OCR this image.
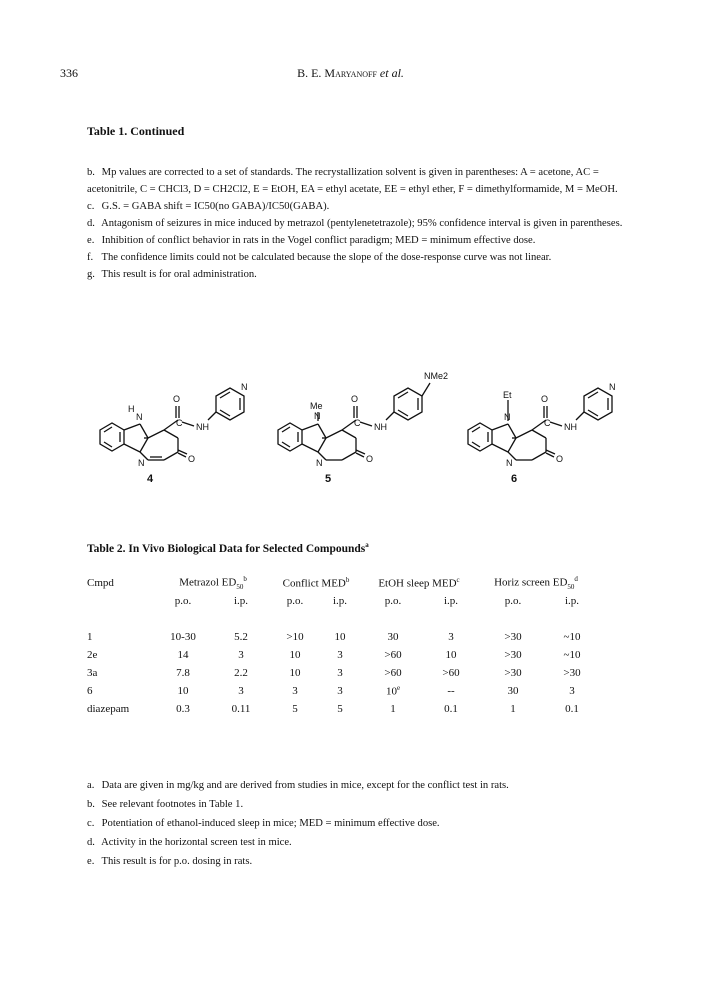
336	B. E. Maryanoff et al.
Table 1. Continued

b. Mp values are corrected to a set of standards. The recrystallization solvent is given in parentheses: A = acetone, AC = acetonitrile, C = CHCl3, D = CH2Cl2, E = EtOH, EA = ethyl acetate, EE = ethyl ether, F = dimethylformamide, M = MeOH.

c. G.S. = GABA shift = IC50(no GABA)/IC50(GABA).

d. Antagonism of seizures in mice induced by metrazol (pentylenetetrazole); 95% confidence interval is given in parentheses.

e. Inhibition of conflict behavior in rats in the Vogel conflict paradigm; MED = minimum effective dose.

f. The confidence limits could not be calculated because the slope of the dose-response curve was not linear.

g. This result is for oral administration.

N
H
N
O
C NH
N
O
4
N
Me
N
O
C NH
NMe2
O
5
N
Et
N
O
C NH
N
O
6
Table 2. In Vivo Biological Data for Selected Compounds$^a$
Cmpd	Metrazol $ED_{50}^b$		Conflict MED$^b$		EtOH sleep MED$^c$		Horiz screen $ED_{50}^d$
	p.o.	i.p.	p.o.	i.p.	p.o.	i.p.	p.o.	i.p.

1	10-30	5.2	>10	10	30	3	>30	~10
2e	14	3	10	3	>60	10	>30	~10
3a	7.8	2.2	10	3	>60	>60	>30	>30
6	10	3	3	3	10e	--	30	3
diazepam	0.3	0.11	5	5	1	0.1	1	0.1

a. Data are given in mg/kg and are derived from studies in mice, except for the conflict test in rats.

b. See relevant footnotes in Table 1.

c. Potentiation of ethanol-induced sleep in mice; MED = minimum effective dose.

d. Activity in the horizontal screen test in mice.

e. This result is for p.o. dosing in rats.
